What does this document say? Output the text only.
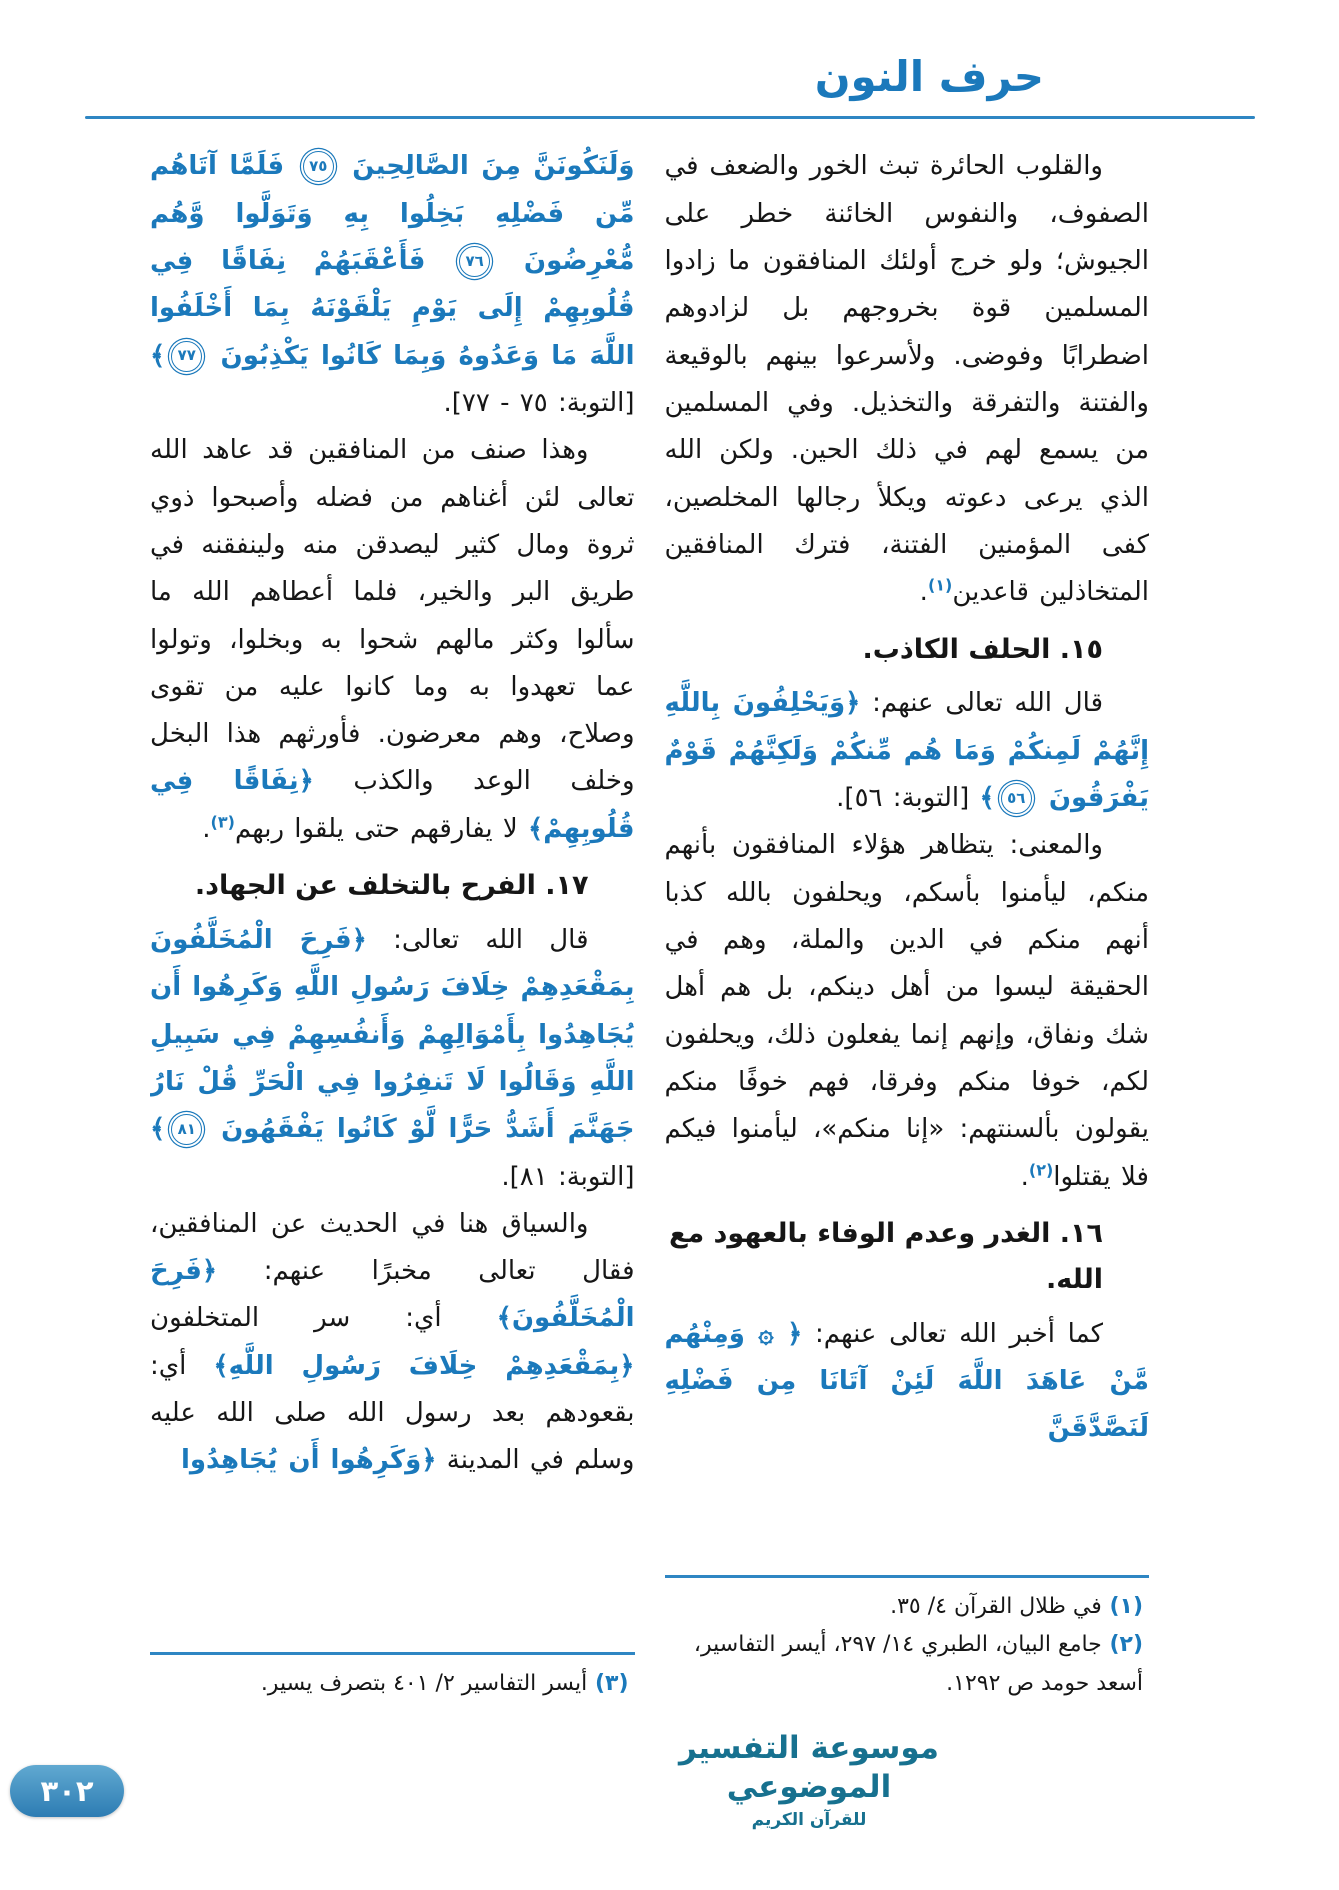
حرف النون

والقلوب الحائرة تبث الخور والضعف في الصفوف، والنفوس الخائنة خطر على الجيوش؛ ولو خرج أولئك المنافقون ما زادوا المسلمين قوة بخروجهم بل لزادوهم اضطرابًا وفوضى. ولأسرعوا بينهم بالوقيعة والفتنة والتفرقة والتخذيل. وفي المسلمين من يسمع لهم في ذلك الحين. ولكن الله الذي يرعى دعوته ويكلأ رجالها المخلصين، كفى المؤمنين الفتنة، فترك المنافقين المتخاذلين قاعدين$^{(١)}$.

١٥. الحلف الكاذب.

قال الله تعالى عنهم: ﴿وَيَحْلِفُونَ بِاللَّهِ إِنَّهُمْ لَمِنكُمْ وَمَا هُم مِّنكُمْ وَلَكِنَّهُمْ قَوْمٌ يَفْرَقُونَ ٥٦﴾ [التوبة: ٥٦].

والمعنى: يتظاهر هؤلاء المنافقون بأنهم منكم، ليأمنوا بأسكم، ويحلفون بالله كذبا أنهم منكم في الدين والملة، وهم في الحقيقة ليسوا من أهل دينكم، بل هم أهل شك ونفاق، وإنهم إنما يفعلون ذلك، ويحلفون لكم، خوفا منكم وفرقا، فهم خوفًا منكم يقولون بألسنتهم: «إنا منكم»، ليأمنوا فيكم فلا يقتلوا$^{(٢)}$.

١٦. الغدر وعدم الوفاء بالعهود مع الله.

كما أخبر الله تعالى عنهم: ﴿ ۞ وَمِنْهُم مَّنْ عَاهَدَ اللَّهَ لَئِنْ آتَانَا مِن فَضْلِهِ لَنَصَّدَّقَنَّ

(١) في ظلال القرآن ٤/ ٣٥.
(٢) جامع البيان، الطبري ١٤/ ٢٩٧، أيسر التفاسير، أسعد حومد ص ١٢٩٢.

وَلَنَكُونَنَّ مِنَ الصَّالِحِينَ ٧٥ فَلَمَّا آتَاهُم مِّن فَضْلِهِ بَخِلُوا بِهِ وَتَوَلَّوا وَّهُم مُّعْرِضُونَ ٧٦ فَأَعْقَبَهُمْ نِفَاقًا فِي قُلُوبِهِمْ إِلَى يَوْمِ يَلْقَوْنَهُ بِمَا أَخْلَفُوا اللَّهَ مَا وَعَدُوهُ وَبِمَا كَانُوا يَكْذِبُونَ ٧٧﴾ [التوبة: ٧٥ - ٧٧].

وهذا صنف من المنافقين قد عاهد الله تعالى لئن أغناهم من فضله وأصبحوا ذوي ثروة ومال كثير ليصدقن منه ولينفقنه في طريق البر والخير، فلما أعطاهم الله ما سألوا وكثر مالهم شحوا به وبخلوا، وتولوا عما تعهدوا به وما كانوا عليه من تقوى وصلاح، وهم معرضون. فأورثهم هذا البخل وخلف الوعد والكذب ﴿نِفَاقًا فِي قُلُوبِهِمْ﴾ لا يفارقهم حتى يلقوا ربهم$^{(٣)}$.

١٧. الفرح بالتخلف عن الجهاد.

قال الله تعالى: ﴿فَرِحَ الْمُخَلَّفُونَ بِمَقْعَدِهِمْ خِلَافَ رَسُولِ اللَّهِ وَكَرِهُوا أَن يُجَاهِدُوا بِأَمْوَالِهِمْ وَأَنفُسِهِمْ فِي سَبِيلِ اللَّهِ وَقَالُوا لَا تَنفِرُوا فِي الْحَرِّ قُلْ نَارُ جَهَنَّمَ أَشَدُّ حَرًّا لَّوْ كَانُوا يَفْقَهُونَ ٨١﴾ [التوبة: ٨١].

والسياق هنا في الحديث عن المنافقين، فقال تعالى مخبرًا عنهم: ﴿فَرِحَ الْمُخَلَّفُونَ﴾ أي: سر المتخلفون ﴿بِمَقْعَدِهِمْ خِلَافَ رَسُولِ اللَّهِ﴾ أي: بقعودهم بعد رسول الله صلى الله عليه وسلم في المدينة ﴿وَكَرِهُوا أَن يُجَاهِدُوا

(٣) أيسر التفاسير ٢/ ٤٠١ بتصرف يسير.
موسوعة التفسير الموضوعي
للقرآن الكريم
٣٠٢
